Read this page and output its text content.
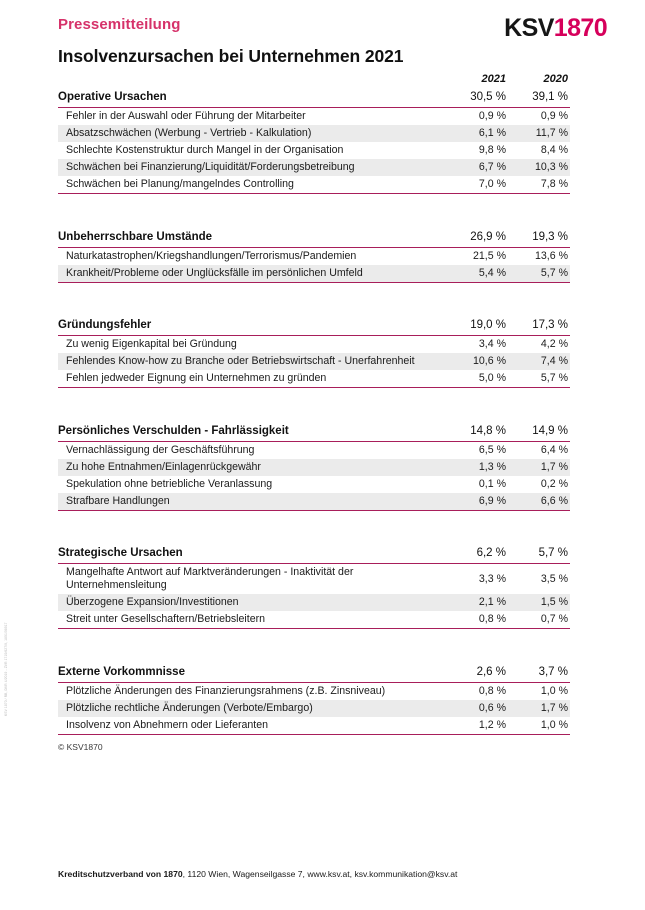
KSV 1870 / RB, DVR 4/2019 - ZVR 1710/627/9, 1801/08917
Pressemitteilung	KSV1870
Insolvenzursachen bei Unternehmen 2021
	2021	2020
Operative Ursachen	30,5 %	39,1 %
Fehler in der Auswahl oder Führung der Mitarbeiter	0,9 %	0,9 %
Absatzschwächen (Werbung - Vertrieb - Kalkulation)	6,1 %	11,7 %
Schlechte Kostenstruktur durch Mangel in der Organisation	9,8 %	8,4 %
Schwächen bei Finanzierung/Liquidität/Forderungsbetreibung	6,7 %	10,3 %
Schwächen bei Planung/mangelndes Controlling	7,0 %	7,8 %

Unbeherrschbare Umstände	26,9 %	19,3 %
Naturkatastrophen/Kriegshandlungen/Terrorismus/Pandemien	21,5 %	13,6 %
Krankheit/Probleme oder Unglücksfälle im persönlichen Umfeld	5,4 %	5,7 %

Gründungsfehler	19,0 %	17,3 %
Zu wenig Eigenkapital bei Gründung	3,4 %	4,2 %
Fehlendes Know-how zu Branche oder Betriebswirtschaft - Unerfahrenheit	10,6 %	7,4 %
Fehlen jedweder Eignung ein Unternehmen zu gründen	5,0 %	5,7 %

Persönliches Verschulden - Fahrlässigkeit	14,8 %	14,9 %
Vernachlässigung der Geschäftsführung	6,5 %	6,4 %
Zu hohe Entnahmen/Einlagenrückgewähr	1,3 %	1,7 %
Spekulation ohne betriebliche Veranlassung	0,1 %	0,2 %
Strafbare Handlungen	6,9 %	6,6 %

Strategische Ursachen	6,2 %	5,7 %
Mangelhafte Antwort auf Marktveränderungen - Inaktivität der Unternehmensleitung	3,3 %	3,5 %
Überzogene Expansion/Investitionen	2,1 %	1,5 %
Streit unter Gesellschaftern/Betriebsleitern	0,8 %	0,7 %

Externe Vorkommnisse	2,6 %	3,7 %
Plötzliche Änderungen des Finanzierungsrahmens (z.B. Zinsniveau)	0,8 %	1,0 %
Plötzliche rechtliche Änderungen (Verbote/Embargo)	0,6 %	1,7 %
Insolvenz von Abnehmern oder Lieferanten	1,2 %	1,0 %
© KSV1870
Kreditschutzverband von 1870, 1120 Wien, Wagenseilgasse 7, www.ksv.at, ksv.kommunikation@ksv.at
